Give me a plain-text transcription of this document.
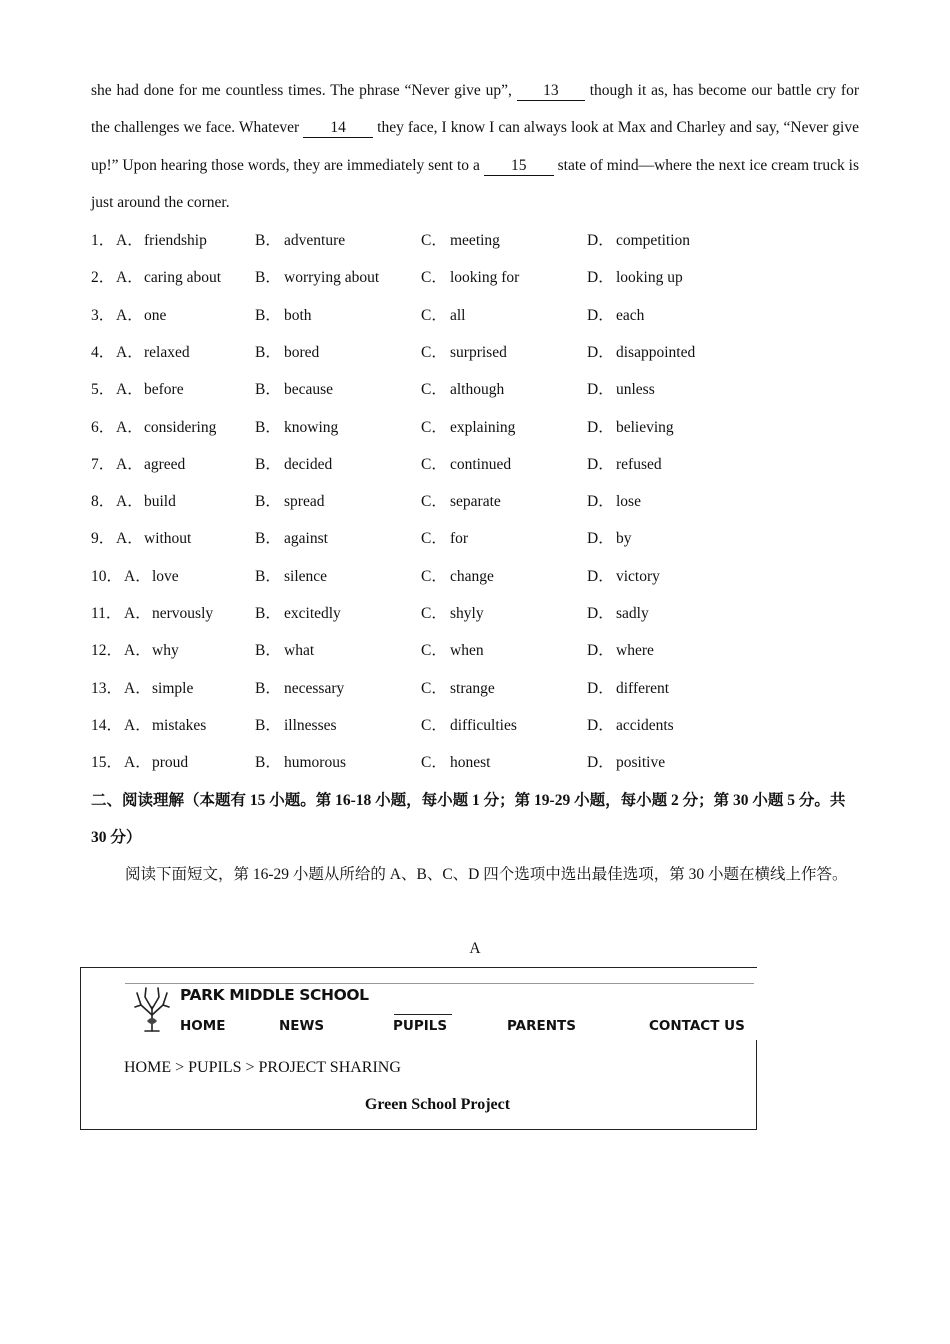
she had done for me countless times. The phrase “Never give up”, 13 though it as, has become our battle cry for the challenges we face. Whatever 14 they face, I know I can always look at Max and Charley and say, “Never give up!” Upon hearing those words, they are immediately sent to a 15 state of mind—where the next ice cream truck is just around the corner.
1． A． friendship	B． adventure	C． meeting	D． competition
2． A． caring about B． worrying about	C． looking for	D． looking up
3． A． one	B． both	C． all	D． each
4． A． relaxed	B． bored	C． surprised	D． disappointed
5． A． before	B． because	C． although	D． unless
6． A． considering B． knowing	C． explaining	D． believing
7． A． agreed	B． decided	C． continued	D． refused
8． A． build	B． spread	C． separate	D． lose
9． A． without	B． against	C． for	D． by
10． A． love	B． silence	C． change	D． victory
11． A． nervously	B． excitedly	C． shyly	D． sadly
12． A． why	B． what	C． when	D． where
13． A． simple	B． necessary	C． strange	D． different
14． A． mistakes	B． illnesses	C． difficulties	D． accidents
15． A． proud	B． humorous	C． honest	D． positive
二、阅读理解（本题有 15 小题。第 16-18 小题，每小题 1 分；第 19-29 小题，每小题 2 分；第 30 小题 5 分。共 30 分）
阅读下面短文，第 16-29 小题从所给的 A、B、C、D 四个选项中选出最佳选项，第 30 小题在横线上作答。
A
PARK MIDDLE SCHOOL
HOME	NEWS	PUPILS	PARENTS	CONTACT US
HOME > PUPILS > PROJECT SHARING
Green School Project
